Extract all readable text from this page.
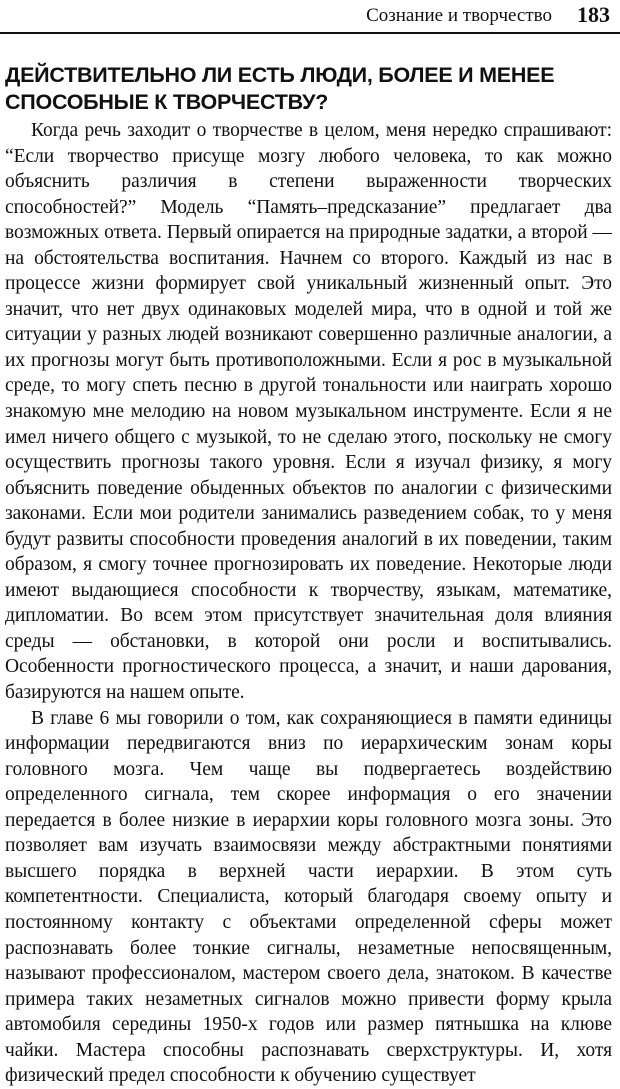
Сознание и творчество 183
ДЕЙСТВИТЕЛЬНО ЛИ ЕСТЬ ЛЮДИ, БОЛЕЕ И МЕНЕЕ СПОСОБНЫЕ К ТВОРЧЕСТВУ?

Когда речь заходит о творчестве в целом, меня нередко спрашивают: “Если творчество присуще мозгу любого человека, то как можно объяснить различия в степени выраженности творческих способностей?” Модель “Память–предсказание” предлагает два возможных ответа. Первый опирается на природные задатки, а второй — на обстоятельства воспитания. Начнем со второго. Каждый из нас в процессе жизни формирует свой уникальный жизненный опыт. Это значит, что нет двух одинаковых моделей мира, что в одной и той же ситуации у разных людей возникают совершенно различные аналогии, а их прогнозы могут быть противоположными. Если я рос в музыкальной среде, то могу спеть песню в другой тональности или наиграть хорошо знакомую мне мелодию на новом музыкальном инструменте. Если я не имел ничего общего с музыкой, то не сделаю этого, поскольку не смогу осуществить прогнозы такого уровня. Если я изучал физику, я могу объяснить поведение обыденных объектов по аналогии с физическими законами. Если мои родители занимались разведением собак, то у меня будут развиты способности проведения аналогий в их поведении, таким образом, я смогу точнее прогнозировать их поведение. Некоторые люди имеют выдающиеся способности к творчеству, языкам, математике, дипломатии. Во всем этом присутствует значительная доля влияния среды — обстановки, в которой они росли и воспитывались. Особенности прогностического процесса, а значит, и наши дарования, базируются на нашем опыте.

В главе 6 мы говорили о том, как сохраняющиеся в памяти единицы информации передвигаются вниз по иерархическим зонам коры головного мозга. Чем чаще вы подвергаетесь воздействию определенного сигнала, тем скорее информация о его значении передается в более низкие в иерархии коры головного мозга зоны. Это позволяет вам изучать взаимосвязи между абстрактными понятиями высшего порядка в верхней части иерархии. В этом суть компетентности. Специалиста, который благодаря своему опыту и постоянному контакту с объектами определенной сферы может распознавать более тонкие сигналы, незаметные непосвященным, называют профессионалом, мастером своего дела, знатоком. В качестве примера таких незаметных сигналов можно привести форму крыла автомобиля середины 1950-х годов или размер пятнышка на клюве чайки. Мастера способны распознавать сверхструктуры. И, хотя физический предел способности к обучению существует
